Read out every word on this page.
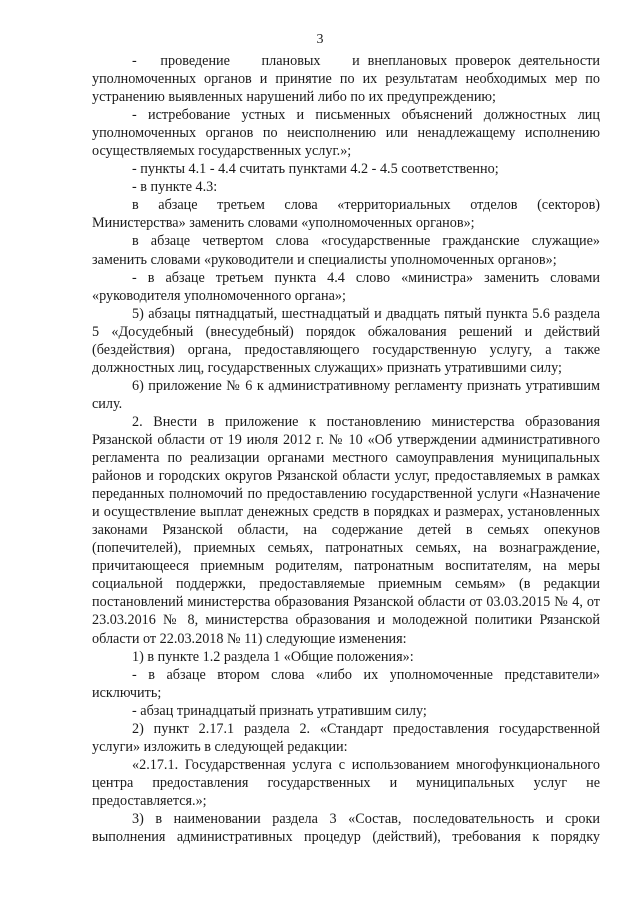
3

-   проведение    плановых    и внеплановых проверок деятельности уполномоченных органов и принятие по их результатам необходимых мер по устранению выявленных нарушений либо по их предупреждению;

- истребование устных и письменных объяснений должностных лиц уполномоченных органов по неисполнению или ненадлежащему исполнению осуществляемых государственных услуг.»;

- пункты 4.1 - 4.4 считать пунктами 4.2 - 4.5 соответственно;

- в пункте 4.3:

в абзаце третьем слова «территориальных отделов (секторов) Министерства» заменить словами «уполномоченных органов»;

в абзаце четвертом слова «государственные гражданские служащие» заменить словами «руководители и специалисты уполномоченных органов»;

- в абзаце третьем пункта 4.4 слово «министра» заменить словами «руководителя уполномоченного органа»;

5) абзацы пятнадцатый, шестнадцатый и двадцать пятый пункта 5.6 раздела 5 «Досудебный (внесудебный) порядок обжалования решений и действий (бездействия) органа, предоставляющего государственную услугу, а также должностных лиц, государственных служащих» признать утратившими силу;

6) приложение № 6 к административному регламенту признать утратившим силу.

2. Внести в приложение к постановлению министерства образования Рязанской области от 19 июля 2012 г. № 10 «Об утверждении административного регламента по реализации органами местного самоуправления муниципальных районов и городских округов Рязанской области услуг, предоставляемых в рамках переданных полномочий по предоставлению государственной услуги «Назначение и осуществление выплат денежных средств в порядках и размерах, установленных законами Рязанской области, на содержание детей в семьях опекунов (попечителей), приемных семьях, патронатных семьях, на вознаграждение, причитающееся приемным родителям, патронатным воспитателям, на меры социальной поддержки, предоставляемые приемным семьям» (в редакции постановлений министерства образования Рязанской области от 03.03.2015 № 4, от 23.03.2016 № 8, министерства образования и молодежной политики Рязанской области от 22.03.2018 № 11) следующие изменения:

1) в пункте 1.2 раздела 1 «Общие положения»:

- в абзаце втором слова «либо их уполномоченные представители» исключить;

- абзац тринадцатый признать утратившим силу;

2) пункт 2.17.1 раздела 2. «Стандарт предоставления государственной услуги» изложить в следующей редакции:

«2.17.1. Государственная услуга с использованием многофункционального центра предоставления государственных и муниципальных услуг не предоставляется.»;

3) в наименовании раздела 3 «Состав, последовательность и сроки выполнения административных процедур (действий), требования к порядку
